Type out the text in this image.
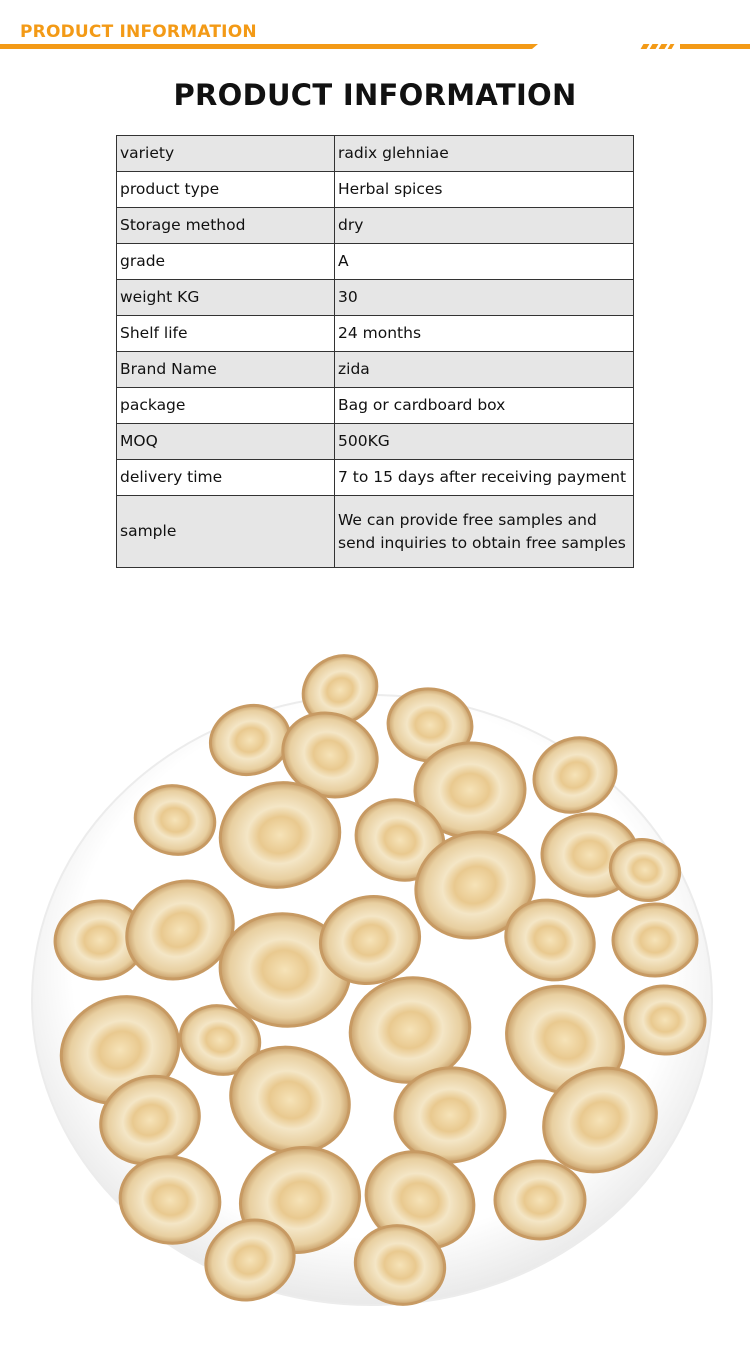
PRODUCT INFORMATION
PRODUCT INFORMATION
variety	radix glehniae
product type	Herbal spices
Storage method	dry
grade	A
weight KG	30
Shelf life	24 months
Brand Name	zida
package	Bag or cardboard box
MOQ	500KG
delivery time	7 to 15 days after receiving payment
sample	We can provide free samples and send inquiries to obtain free samples
